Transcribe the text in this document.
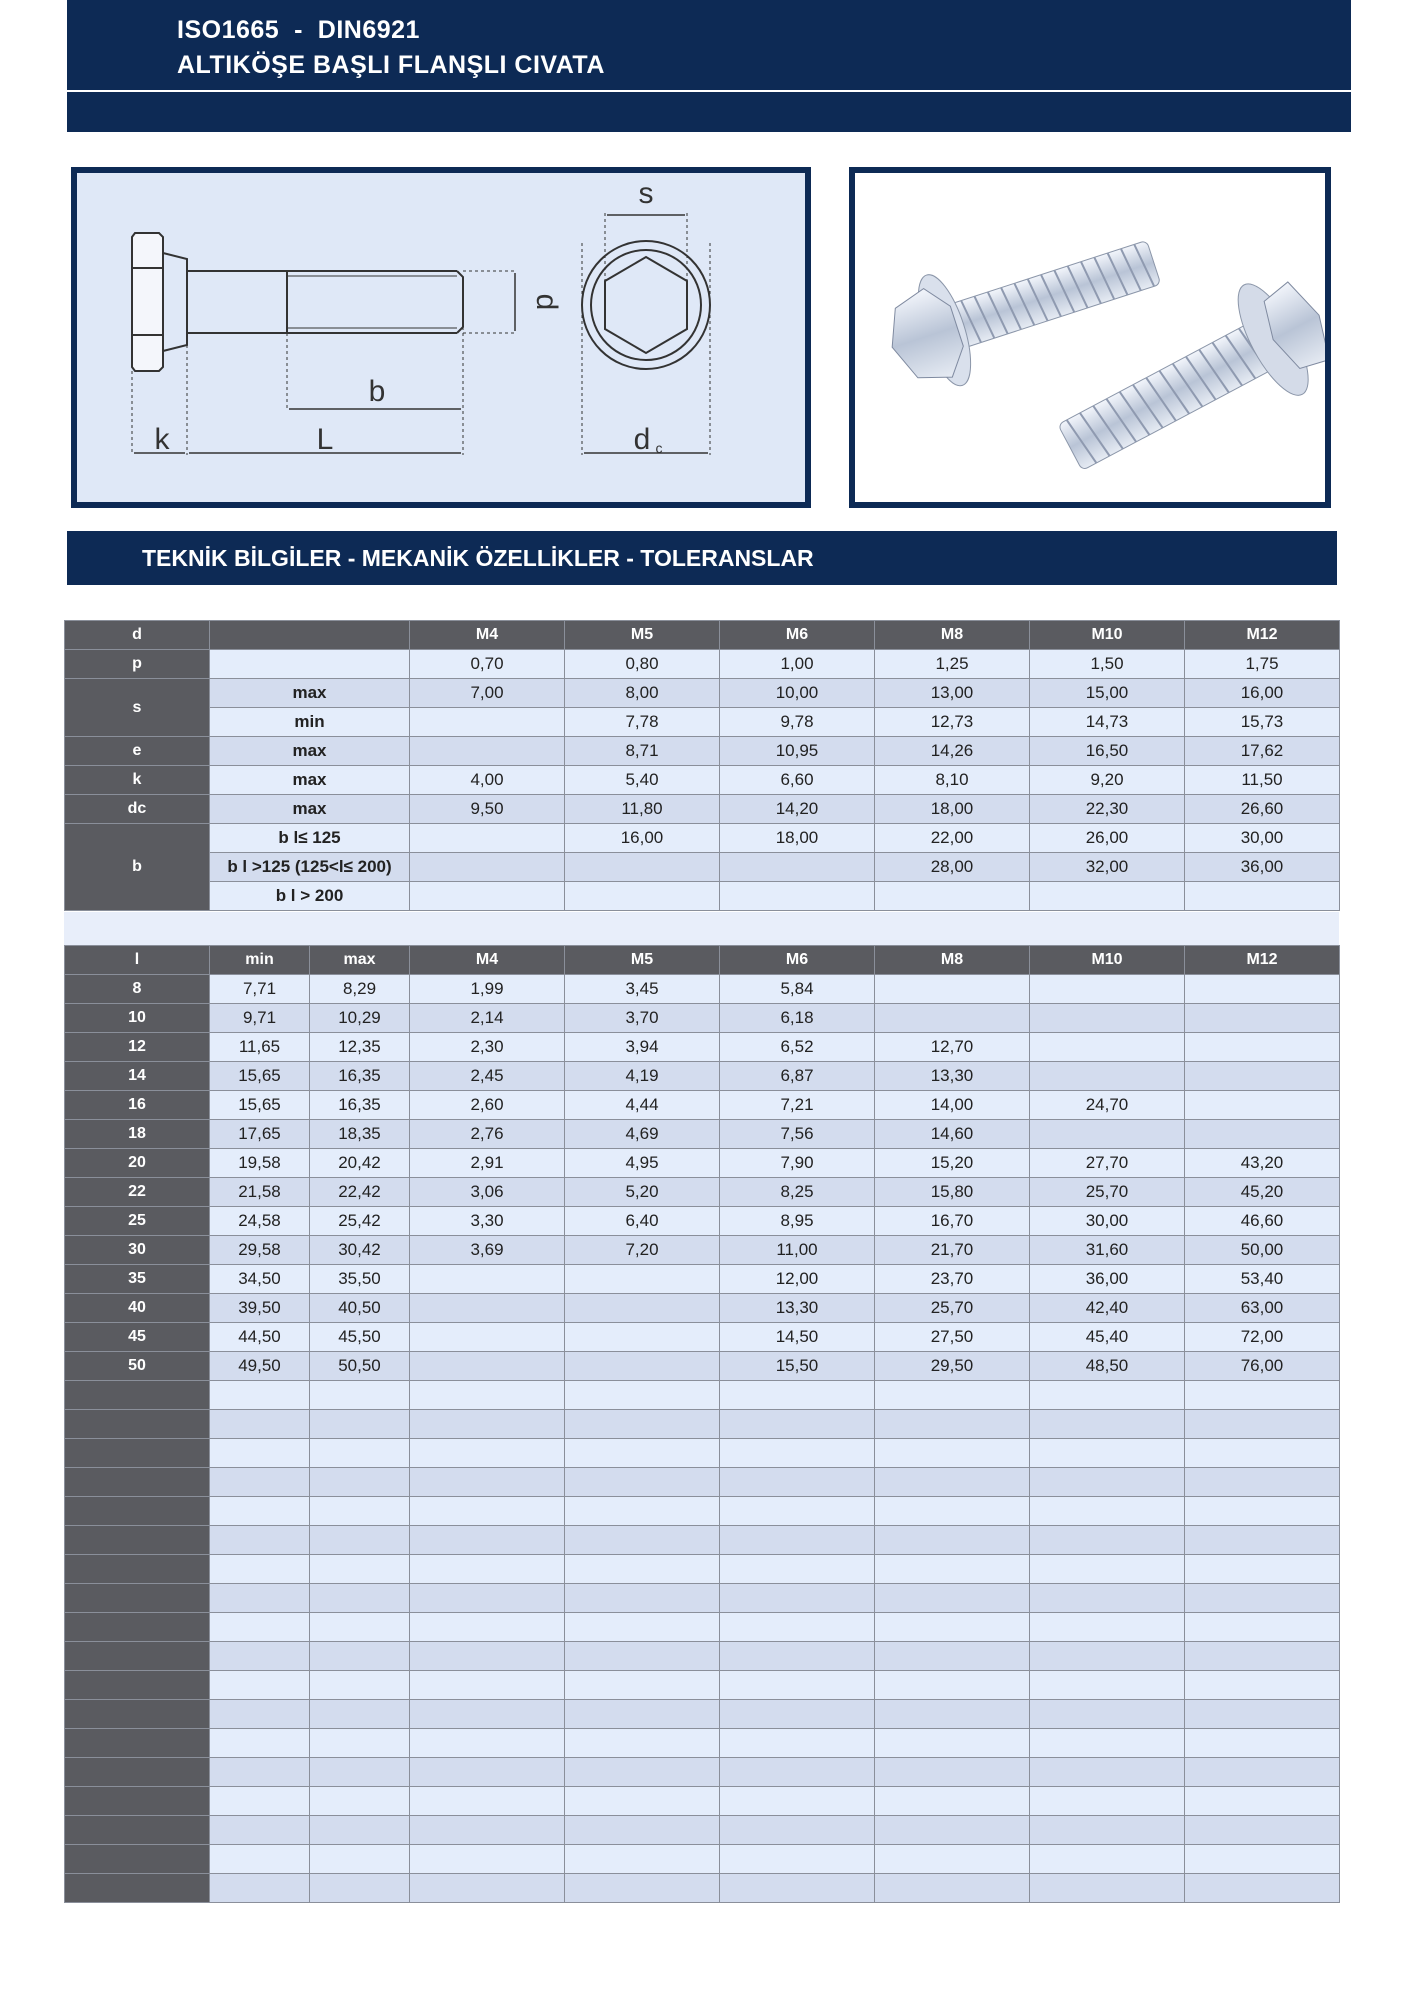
ISO1665  -  DIN6921
ALTIKÖŞE BAŞLI FLANŞLI CIVATA
s
b
k	L	d c
d
TEKNİK BİLGİLER - MEKANİK ÖZELLİKLER - TOLERANSLAR
d		M4	M5	M6	M8	M10	M12
p		0,70	0,80	1,00	1,25	1,50	1,75
s	max	7,00	8,00	10,00	13,00	15,00	16,00
	min		7,78	9,78	12,73	14,73	15,73
e	max		8,71	10,95	14,26	16,50	17,62
k	max	4,00	5,40	6,60	8,10	9,20	11,50
dc	max	9,50	11,80	14,20	18,00	22,30	26,60
b	b l≤ 125		16,00	18,00	22,00	26,00	30,00
	b l >125 (125<l≤ 200)				28,00	32,00	36,00
	b l > 200						
l	min	max	M4	M5	M6	M8	M10	M12
8	7,71	8,29	1,99	3,45	5,84			
10	9,71	10,29	2,14	3,70	6,18			
12	11,65	12,35	2,30	3,94	6,52	12,70		
14	15,65	16,35	2,45	4,19	6,87	13,30		
16	15,65	16,35	2,60	4,44	7,21	14,00	24,70	
18	17,65	18,35	2,76	4,69	7,56	14,60		
20	19,58	20,42	2,91	4,95	7,90	15,20	27,70	43,20
22	21,58	22,42	3,06	5,20	8,25	15,80	25,70	45,20
25	24,58	25,42	3,30	6,40	8,95	16,70	30,00	46,60
30	29,58	30,42	3,69	7,20	11,00	21,70	31,60	50,00
35	34,50	35,50			12,00	23,70	36,00	53,40
40	39,50	40,50			13,30	25,70	42,40	63,00
45	44,50	45,50			14,50	27,50	45,40	72,00
50	49,50	50,50			15,50	29,50	48,50	76,00
